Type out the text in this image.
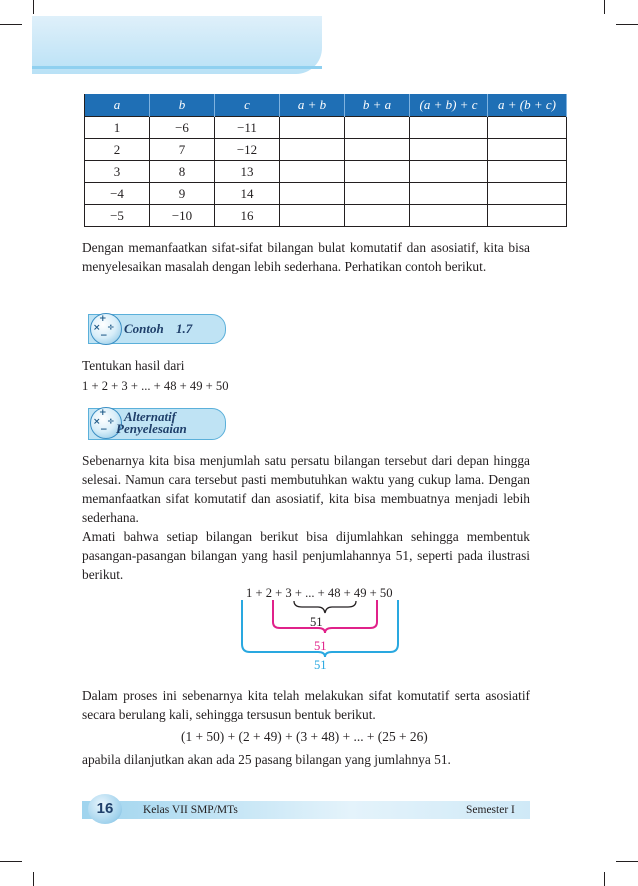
a	b	c	a + b	b + a	(a + b) + c	a + (b + c)
1	−6	−11				
2	7	−12				
3	8	13				
−4	9	14				
−5	−10	16				
Dengan memanfaatkan sifat-sifat bilangan bulat komutatif dan asosiatif, kita bisa menyelesaikan masalah dengan lebih sederhana. Perhatikan contoh berikut.
+
× ÷
− Contoh 1.7
Tentukan hasil dari
1 + 2 + 3 + ... + 48 + 49 + 50
+
× ÷
−
Alternatif
Penyelesaian
Sebenarnya kita bisa menjumlah satu persatu bilangan tersebut dari depan hingga selesai. Namun cara tersebut pasti membutuhkan waktu yang cukup lama. Dengan memanfaatkan sifat komutatif dan asosiatif, kita bisa membuatnya menjadi lebih sederhana.
Amati bahwa setiap bilangan berikut bisa dijumlahkan sehingga membentuk pasangan-pasangan bilangan yang hasil penjumlahannya 51, seperti pada ilustrasi berikut.
1 + 2 + 3 + ... + 48 + 49 + 50
51
51
51
Dalam proses ini sebenarnya kita telah melakukan sifat komutatif serta asosiatif secara berulang kali, sehingga tersusun bentuk berikut.
(1 + 50) + (2 + 49) + (3 + 48) + ... + (25 + 26)
apabila dilanjutkan akan ada 25 pasang bilangan yang jumlahnya 51.
16	Kelas VII SMP/MTs	Semester I
